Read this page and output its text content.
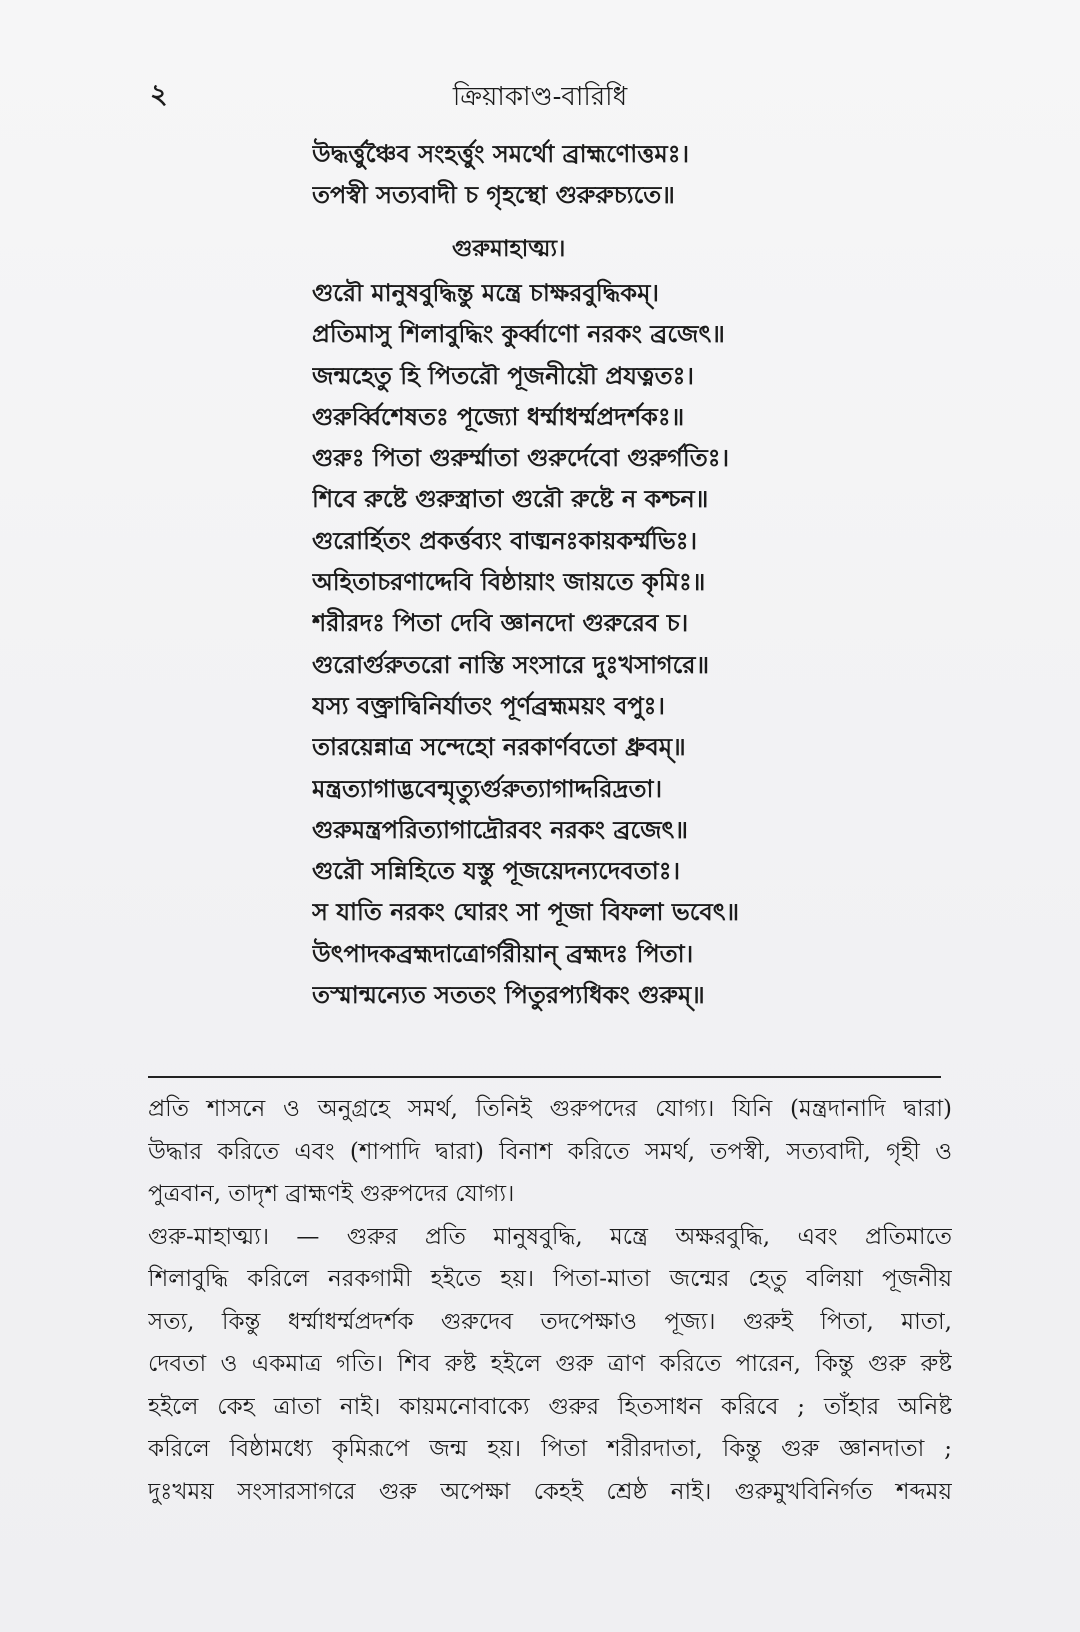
২	ক্রিয়াকাণ্ড-বারিধি
উদ্ধর্ত্তুঞ্চৈব সংহর্ত্তুং সমর্থো ব্রাহ্মণোত্তমঃ।
তপস্বী সত্যবাদী চ গৃহস্থো গুরুরুচ্যতে॥
গুরুমাহাত্ম্য।
গুরৌ মানুষবুদ্ধিন্তু মন্ত্রে চাক্ষরবুদ্ধিকম্।
প্রতিমাসু শিলাবুদ্ধিং কুর্ব্বাণো নরকং ব্রজেৎ॥
জন্মহেতু হি পিতরৌ পূজনীয়ৌ প্রযত্নতঃ।
গুরুর্ব্বিশেষতঃ পূজ্যো ধর্ম্মাধর্ম্মপ্রদর্শকঃ॥
গুরুঃ পিতা গুরুর্ম্মাতা গুরুর্দেবো গুরুর্গতিঃ।
শিবে রুষ্টে গুরুস্ত্রাতা গুরৌ রুষ্টে ন কশ্চন॥
গুরোর্হিতং প্রকর্ত্তব্যং বাঙ্মনঃকায়কর্ম্মভিঃ।
অহিতাচরণাদ্দেবি বিষ্ঠায়াং জায়তে কৃমিঃ॥
শরীরদঃ পিতা দেবি জ্ঞানদো গুরুরেব চ।
গুরোর্গুরুতরো নাস্তি সংসারে দুঃখসাগরে॥
যস্য বক্ত্রাদ্বিনির্যাতং পূর্ণব্রহ্মময়ং বপুঃ।
তারয়েন্নাত্র সন্দেহো নরকার্ণবতো ধ্রুবম্॥
মন্ত্রত্যাগাদ্ভবেন্মৃত্যুর্গুরুত্যাগাদ্দরিদ্রতা।
গুরুমন্ত্রপরিত্যাগাদ্রৌরবং নরকং ব্রজেৎ॥
গুরৌ সন্নিহিতে যস্তু পূজয়েদন্যদেবতাঃ।
স যাতি নরকং ঘোরং সা পূজা বিফলা ভবেৎ॥
উৎপাদকব্রহ্মদাত্রোর্গরীয়ান্ ব্রহ্মদঃ পিতা।
তস্মান্মন্যেত সততং পিতুরপ্যধিকং গুরুম্॥
প্রতি শাসনে ও অনুগ্রহে সমর্থ, তিনিই গুরুপদের যোগ্য। যিনি (মন্ত্রদানাদি দ্বারা)
উদ্ধার করিতে এবং (শাপাদি দ্বারা) বিনাশ করিতে সমর্থ, তপস্বী, সত্যবাদী, গৃহী ও
পুত্রবান, তাদৃশ ব্রাহ্মণই গুরুপদের যোগ্য।
গুরু-মাহাত্ম্য। — গুরুর প্রতি মানুষবুদ্ধি, মন্ত্রে অক্ষরবুদ্ধি, এবং প্রতিমাতে
শিলাবুদ্ধি করিলে নরকগামী হইতে হয়। পিতা-মাতা জন্মের হেতু বলিয়া পূজনীয়
সত্য, কিন্তু ধর্ম্মাধর্ম্মপ্রদর্শক গুরুদেব তদপেক্ষাও পূজ্য। গুরুই পিতা, মাতা,
দেবতা ও একমাত্র গতি। শিব রুষ্ট হইলে গুরু ত্রাণ করিতে পারেন, কিন্তু গুরু রুষ্ট
হইলে কেহ ত্রাতা নাই। কায়মনোবাক্যে গুরুর হিতসাধন করিবে ; তাঁহার অনিষ্ট
করিলে বিষ্ঠামধ্যে কৃমিরূপে জন্ম হয়। পিতা শরীরদাতা, কিন্তু গুরু জ্ঞানদাতা ;
দুঃখময় সংসারসাগরে গুরু অপেক্ষা কেহই শ্রেষ্ঠ নাই। গুরুমুখবিনির্গত শব্দময়
